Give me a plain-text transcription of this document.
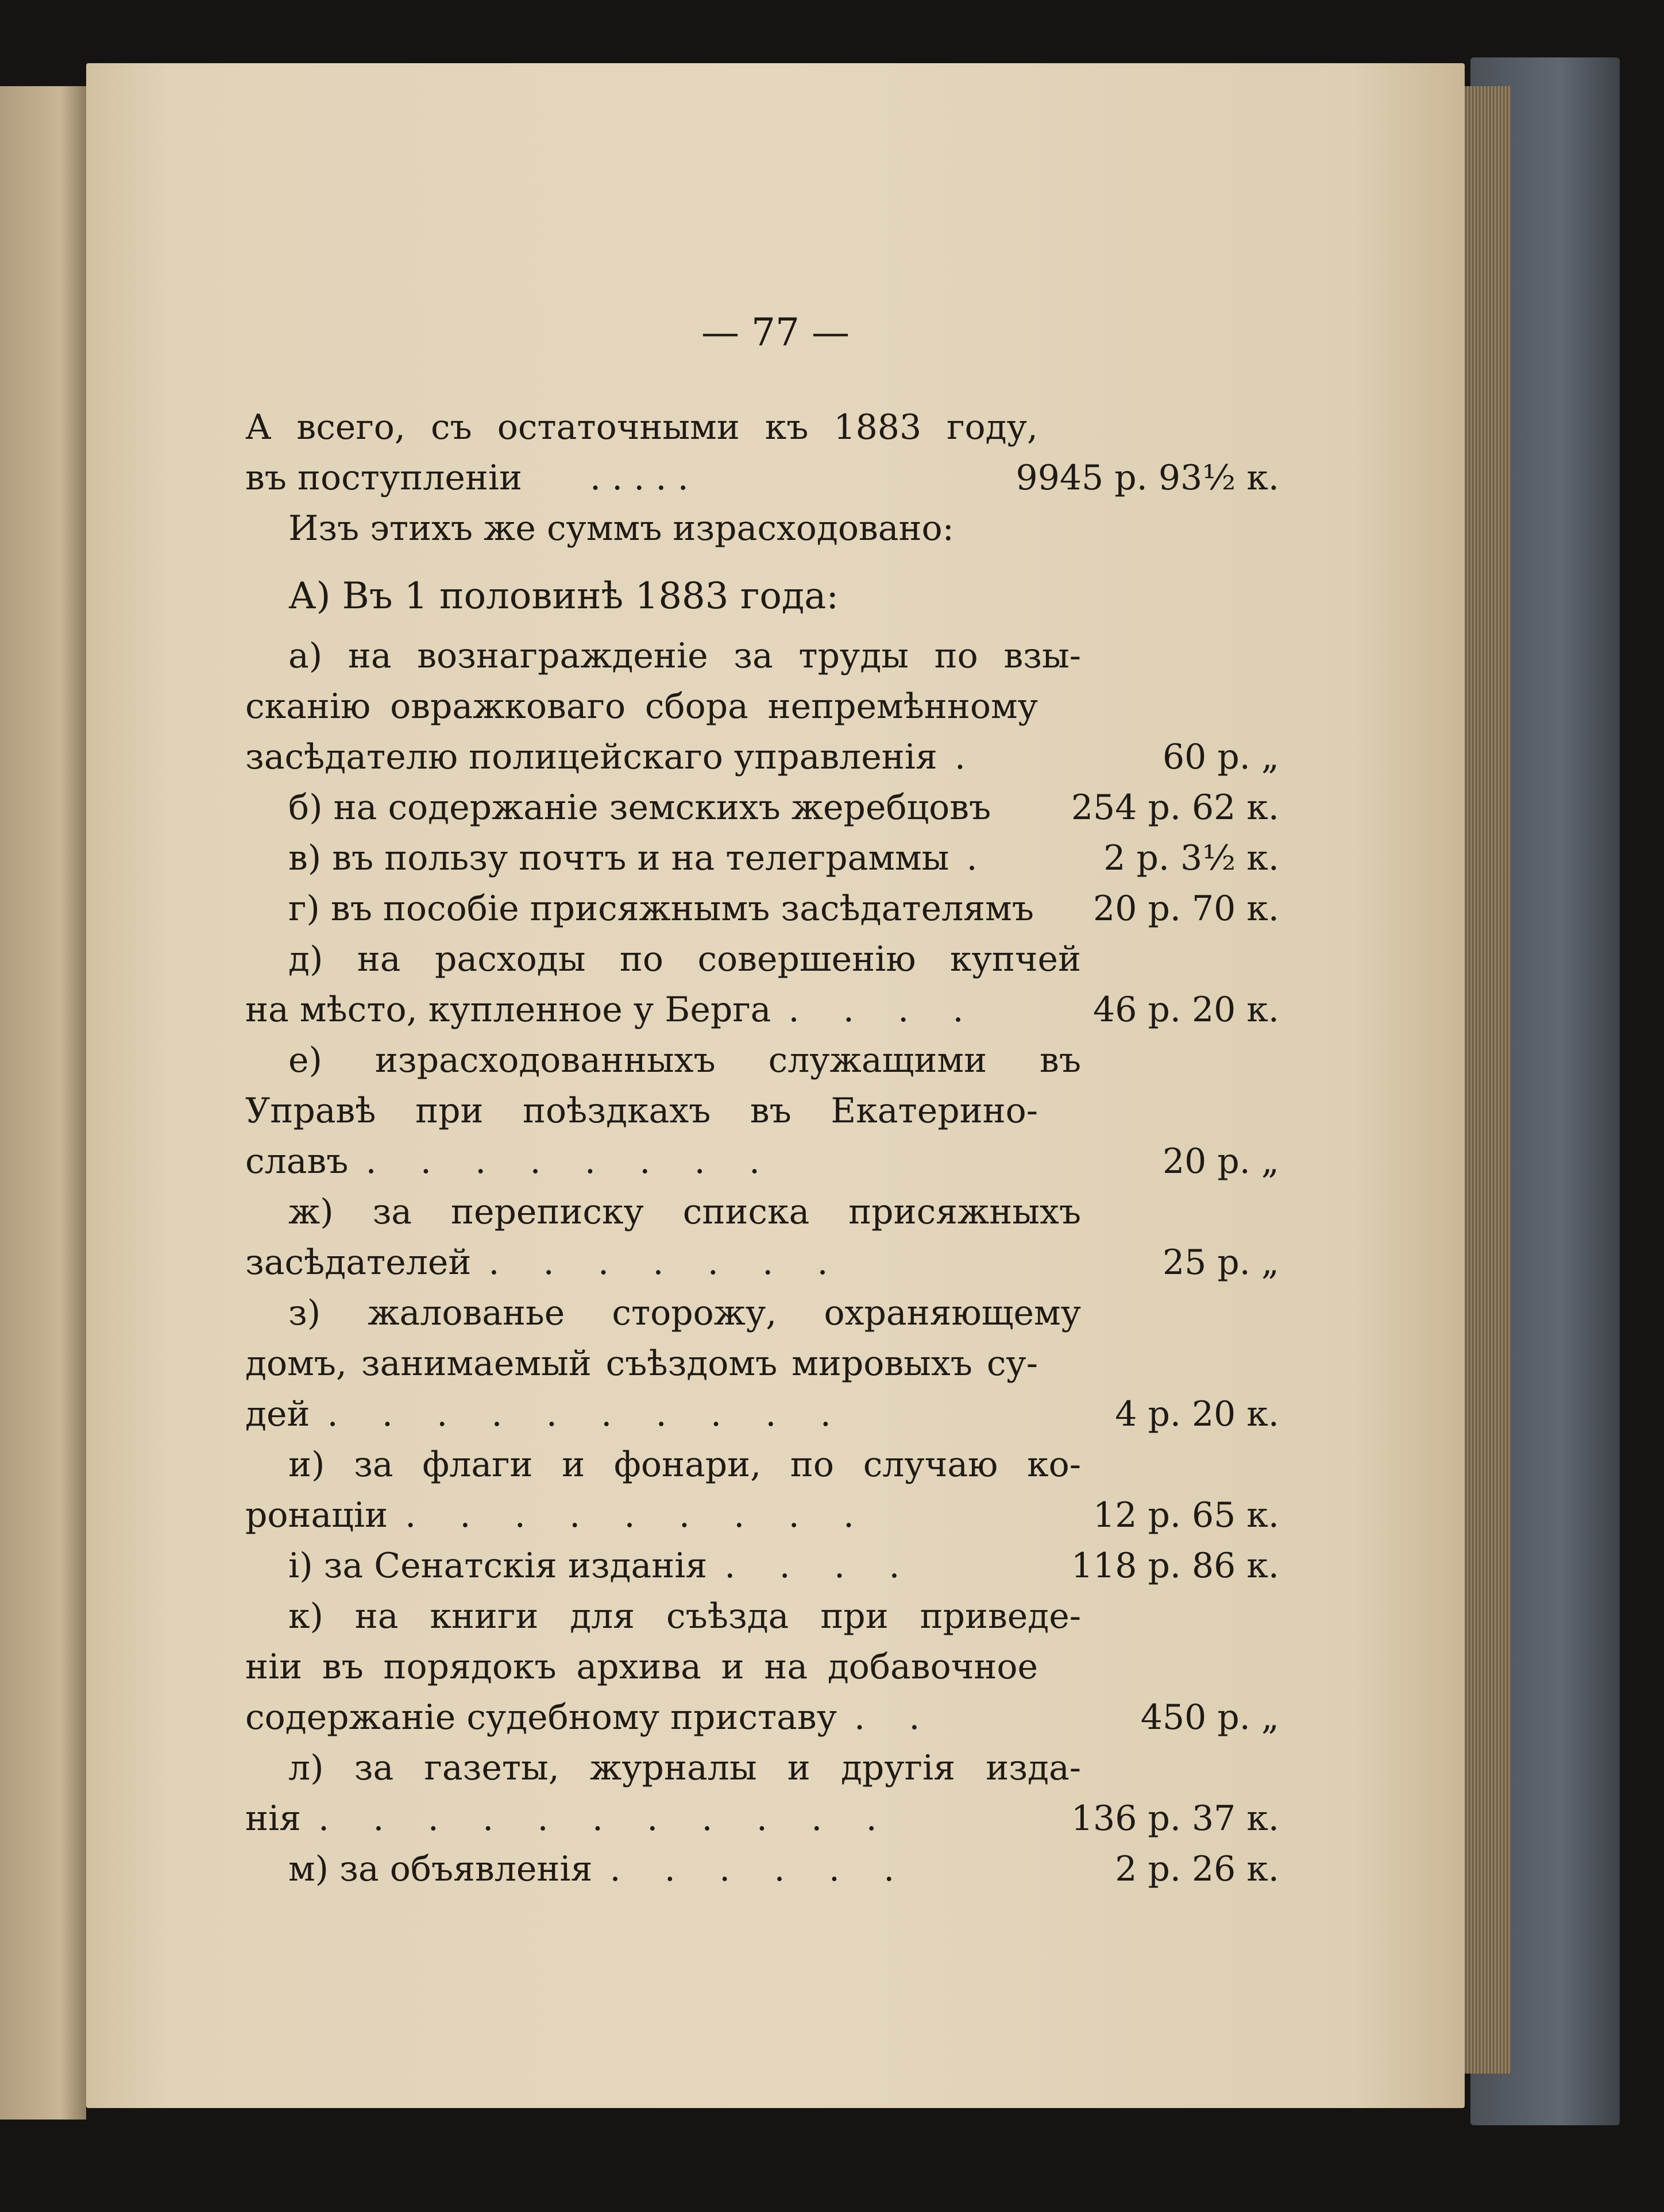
— 77 —
А всего, съ остаточными къ 1883 году,
въ поступленіи . . . . .	9945 р. 93½ к.
Изъ этихъ же суммъ израсходовано:
А) Въ 1 половинѣ 1883 года:
а) на вознагражденіе за труды по взы-
сканію овражковаго сбора непремѣнному
засѣдателю полицейскаго управленія .	60 р. „
б) на содержаніе земскихъ жеребцовъ	254 р. 62 к.
в) въ пользу почтъ и на телеграммы .	2 р. 3½ к.
г) въ пособіе присяжнымъ засѣдателямъ	20 р. 70 к.
д) на расходы по совершенію купчей
на мѣсто, купленное у Берга .    .    .    .	46 р. 20 к.
е) израсходованныхъ служащими въ
Управѣ при поѣздкахъ въ Екатерино-
славъ .    .    .    .    .    .    .    .	20 р. „
ж) за переписку списка присяжныхъ
засѣдателей .    .    .    .    .    .    .	25 р. „
з) жалованье сторожу, охраняющему
домъ, занимаемый съѣздомъ мировыхъ су-
дей .    .    .    .    .    .    .    .    .    .	4 р. 20 к.
и) за флаги и фонари, по случаю ко-
ронаціи .    .    .    .    .    .    .    .    .	12 р. 65 к.
і) за Сенатскія изданія .    .    .    .	118 р. 86 к.
к) на книги для съѣзда при приведе-
ніи въ порядокъ архива и на добавочное
содержаніе судебному приставу .    .	450 р. „
л) за газеты, журналы и другія изда-
нія .    .    .    .    .    .    .    .    .    .    .	136 р. 37 к.
м) за объявленія .    .    .    .    .    .	2 р. 26 к.
